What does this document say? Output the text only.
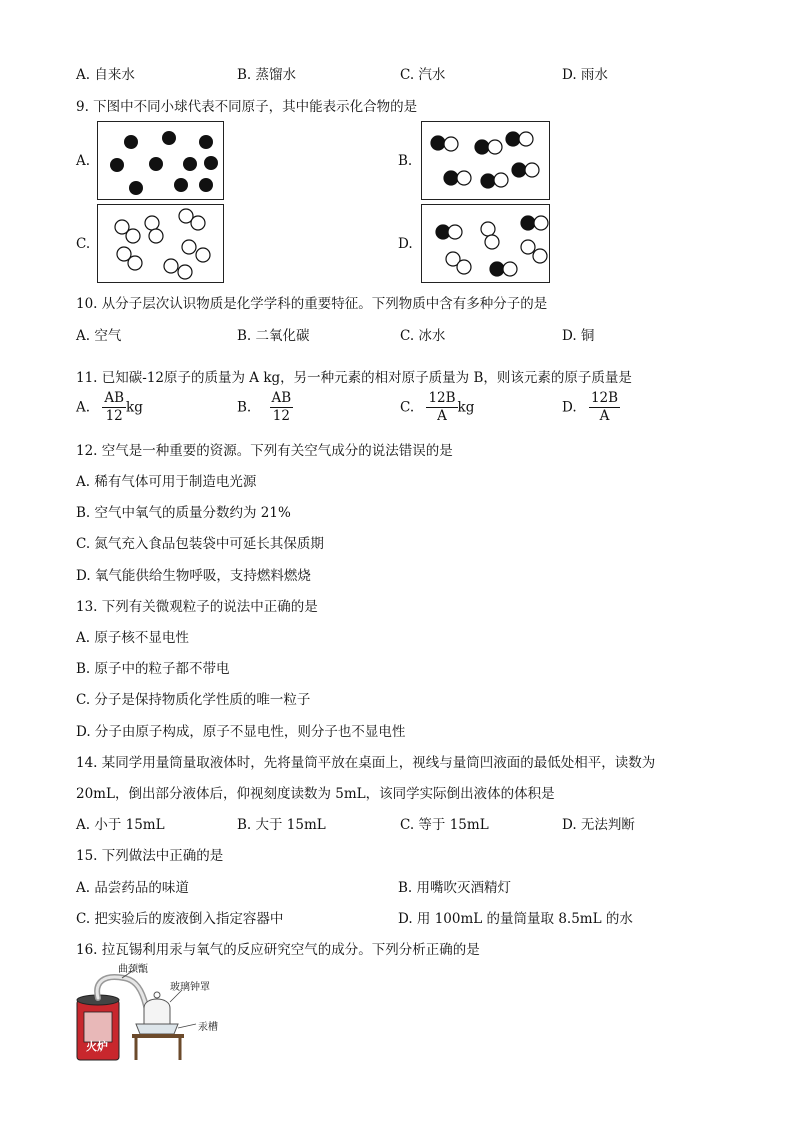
A. 自来水	B. 蒸馏水	C. 汽水	D. 雨水
9. 下图中不同小球代表不同原子，其中能表示化合物的是
A.	B.
C.	D.
10. 从分子层次认识物质是化学学科的重要特征。下列物质中含有多种分子的是
A. 空气	B. 二氧化碳	C. 冰水	D. 铜
11. 已知碳-12原子的质量为 A kg，另一种元素的相对原子质量为 B，则该元素的原子质量是
A. $\frac{AB}{12}$ kg	B. $\frac{AB}{12}$	C. $\frac{12B}{A}$ kg	D. $\frac{12B}{A}$
12. 空气是一种重要的资源。下列有关空气成分的说法错误的是
A. 稀有气体可用于制造电光源
B. 空气中氧气的质量分数约为 21%
C. 氮气充入食品包装袋中可延长其保质期
D. 氧气能供给生物呼吸，支持燃料燃烧
13. 下列有关微观粒子的说法中正确的是
A. 原子核不显电性
B. 原子中的粒子都不带电
C. 分子是保持物质化学性质的唯一粒子
D. 分子由原子构成，原子不显电性，则分子也不显电性
14. 某同学用量筒量取液体时，先将量筒平放在桌面上，视线与量筒凹液面的最低处相平，读数为
20mL，倒出部分液体后，仰视刻度读数为 5mL，该同学实际倒出液体的体积是
A. 小于 15mL	B. 大于 15mL	C. 等于 15mL	D. 无法判断
15. 下列做法中正确的是
A. 品尝药品的味道	B. 用嘴吹灭酒精灯
C. 把实验后的废液倒入指定容器中	D. 用 100mL 的量筒量取 8.5mL 的水
16. 拉瓦锡利用汞与氧气的反应研究空气的成分。下列分析正确的是
曲颈甑
玻璃钟罩
汞槽
火炉
